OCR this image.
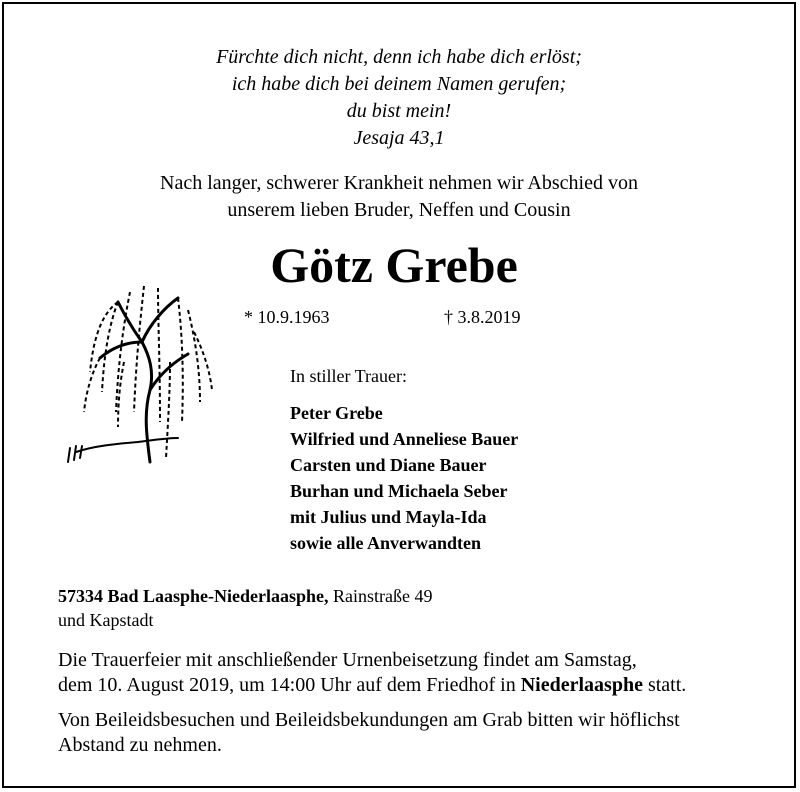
Fürchte dich nicht, denn ich habe dich erlöst;
ich habe dich bei deinem Namen gerufen;
du bist mein!
Jesaja 43,1
Nach langer, schwerer Krankheit nehmen wir Abschied von
unserem lieben Bruder, Neffen und Cousin
Götz Grebe
* 10.9.1963	† 3.8.2019
In stiller Trauer:
Peter Grebe
Wilfried und Anneliese Bauer
Carsten und Diane Bauer
Burhan und Michaela Seber
mit Julius und Mayla-Ida
sowie alle Anverwandten
57334 Bad Laasphe-Niederlaasphe, Rainstraße 49
und Kapstadt
Die Trauerfeier mit anschließender Urnenbeisetzung findet am Samstag,
dem 10. August 2019, um 14:00 Uhr auf dem Friedhof in Niederlaasphe statt.
Von Beileidsbesuchen und Beileidsbekundungen am Grab bitten wir höflichst
Abstand zu nehmen.
